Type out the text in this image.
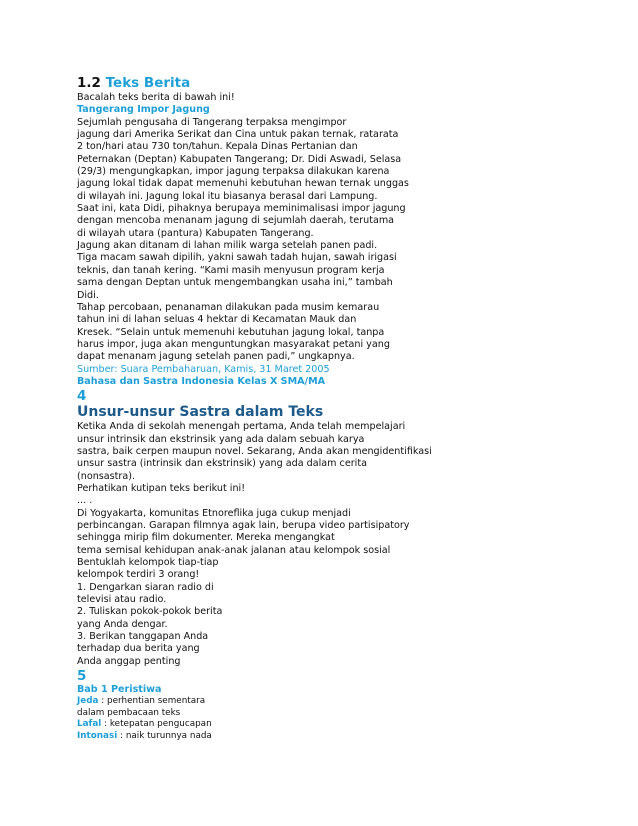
1.2 Teks Berita
Bacalah teks berita di bawah ini!
Tangerang Impor Jagung
Sejumlah pengusaha di Tangerang terpaksa mengimpor
jagung dari Amerika Serikat dan Cina untuk pakan ternak, ratarata
2 ton/hari atau 730 ton/tahun. Kepala Dinas Pertanian dan
Peternakan (Deptan) Kabupaten Tangerang; Dr. Didi Aswadi, Selasa
(29/3) mengungkapkan, impor jagung terpaksa dilakukan karena
jagung lokal tidak dapat memenuhi kebutuhan hewan ternak unggas
di wilayah ini. Jagung lokal itu biasanya berasal dari Lampung.
Saat ini, kata Didi, pihaknya berupaya meminimalisasi impor jagung
dengan mencoba menanam jagung di sejumlah daerah, terutama
di wilayah utara (pantura) Kabupaten Tangerang.
Jagung akan ditanam di lahan milik warga setelah panen padi.
Tiga macam sawah dipilih, yakni sawah tadah hujan, sawah irigasi
teknis, dan tanah kering. “Kami masih menyusun program kerja
sama dengan Deptan untuk mengembangkan usaha ini,” tambah
Didi.
Tahap percobaan, penanaman dilakukan pada musim kemarau
tahun ini di lahan seluas 4 hektar di Kecamatan Mauk dan
Kresek. “Selain untuk memenuhi kebutuhan jagung lokal, tanpa
harus impor, juga akan menguntungkan masyarakat petani yang
dapat menanam jagung setelah panen padi,” ungkapnya.
Sumber: Suara Pembaharuan, Kamis, 31 Maret 2005
Bahasa dan Sastra Indonesia Kelas X SMA/MA
4
Unsur-unsur Sastra dalam Teks
Ketika Anda di sekolah menengah pertama, Anda telah mempelajari
unsur intrinsik dan ekstrinsik yang ada dalam sebuah karya
sastra, baik cerpen maupun novel. Sekarang, Anda akan mengidentifikasi
unsur sastra (intrinsik dan ekstrinsik) yang ada dalam cerita
(nonsastra).
Perhatikan kutipan teks berikut ini!
... .
Di Yogyakarta, komunitas Etnoreflika juga cukup menjadi
perbincangan. Garapan filmnya agak lain, berupa video partisipatory
sehingga mirip film dokumenter. Mereka mengangkat
tema semisal kehidupan anak-anak jalanan atau kelompok sosial
Bentuklah kelompok tiap-tiap
kelompok terdiri 3 orang!
1. Dengarkan siaran radio di
televisi atau radio.
2. Tuliskan pokok-pokok berita
yang Anda dengar.
3. Berikan tanggapan Anda
terhadap dua berita yang
Anda anggap penting
5
Bab 1 Peristiwa
Jeda : perhentian sementara
dalam pembacaan teks
Lafal : ketepatan pengucapan
Intonasi : naik turunnya nada
